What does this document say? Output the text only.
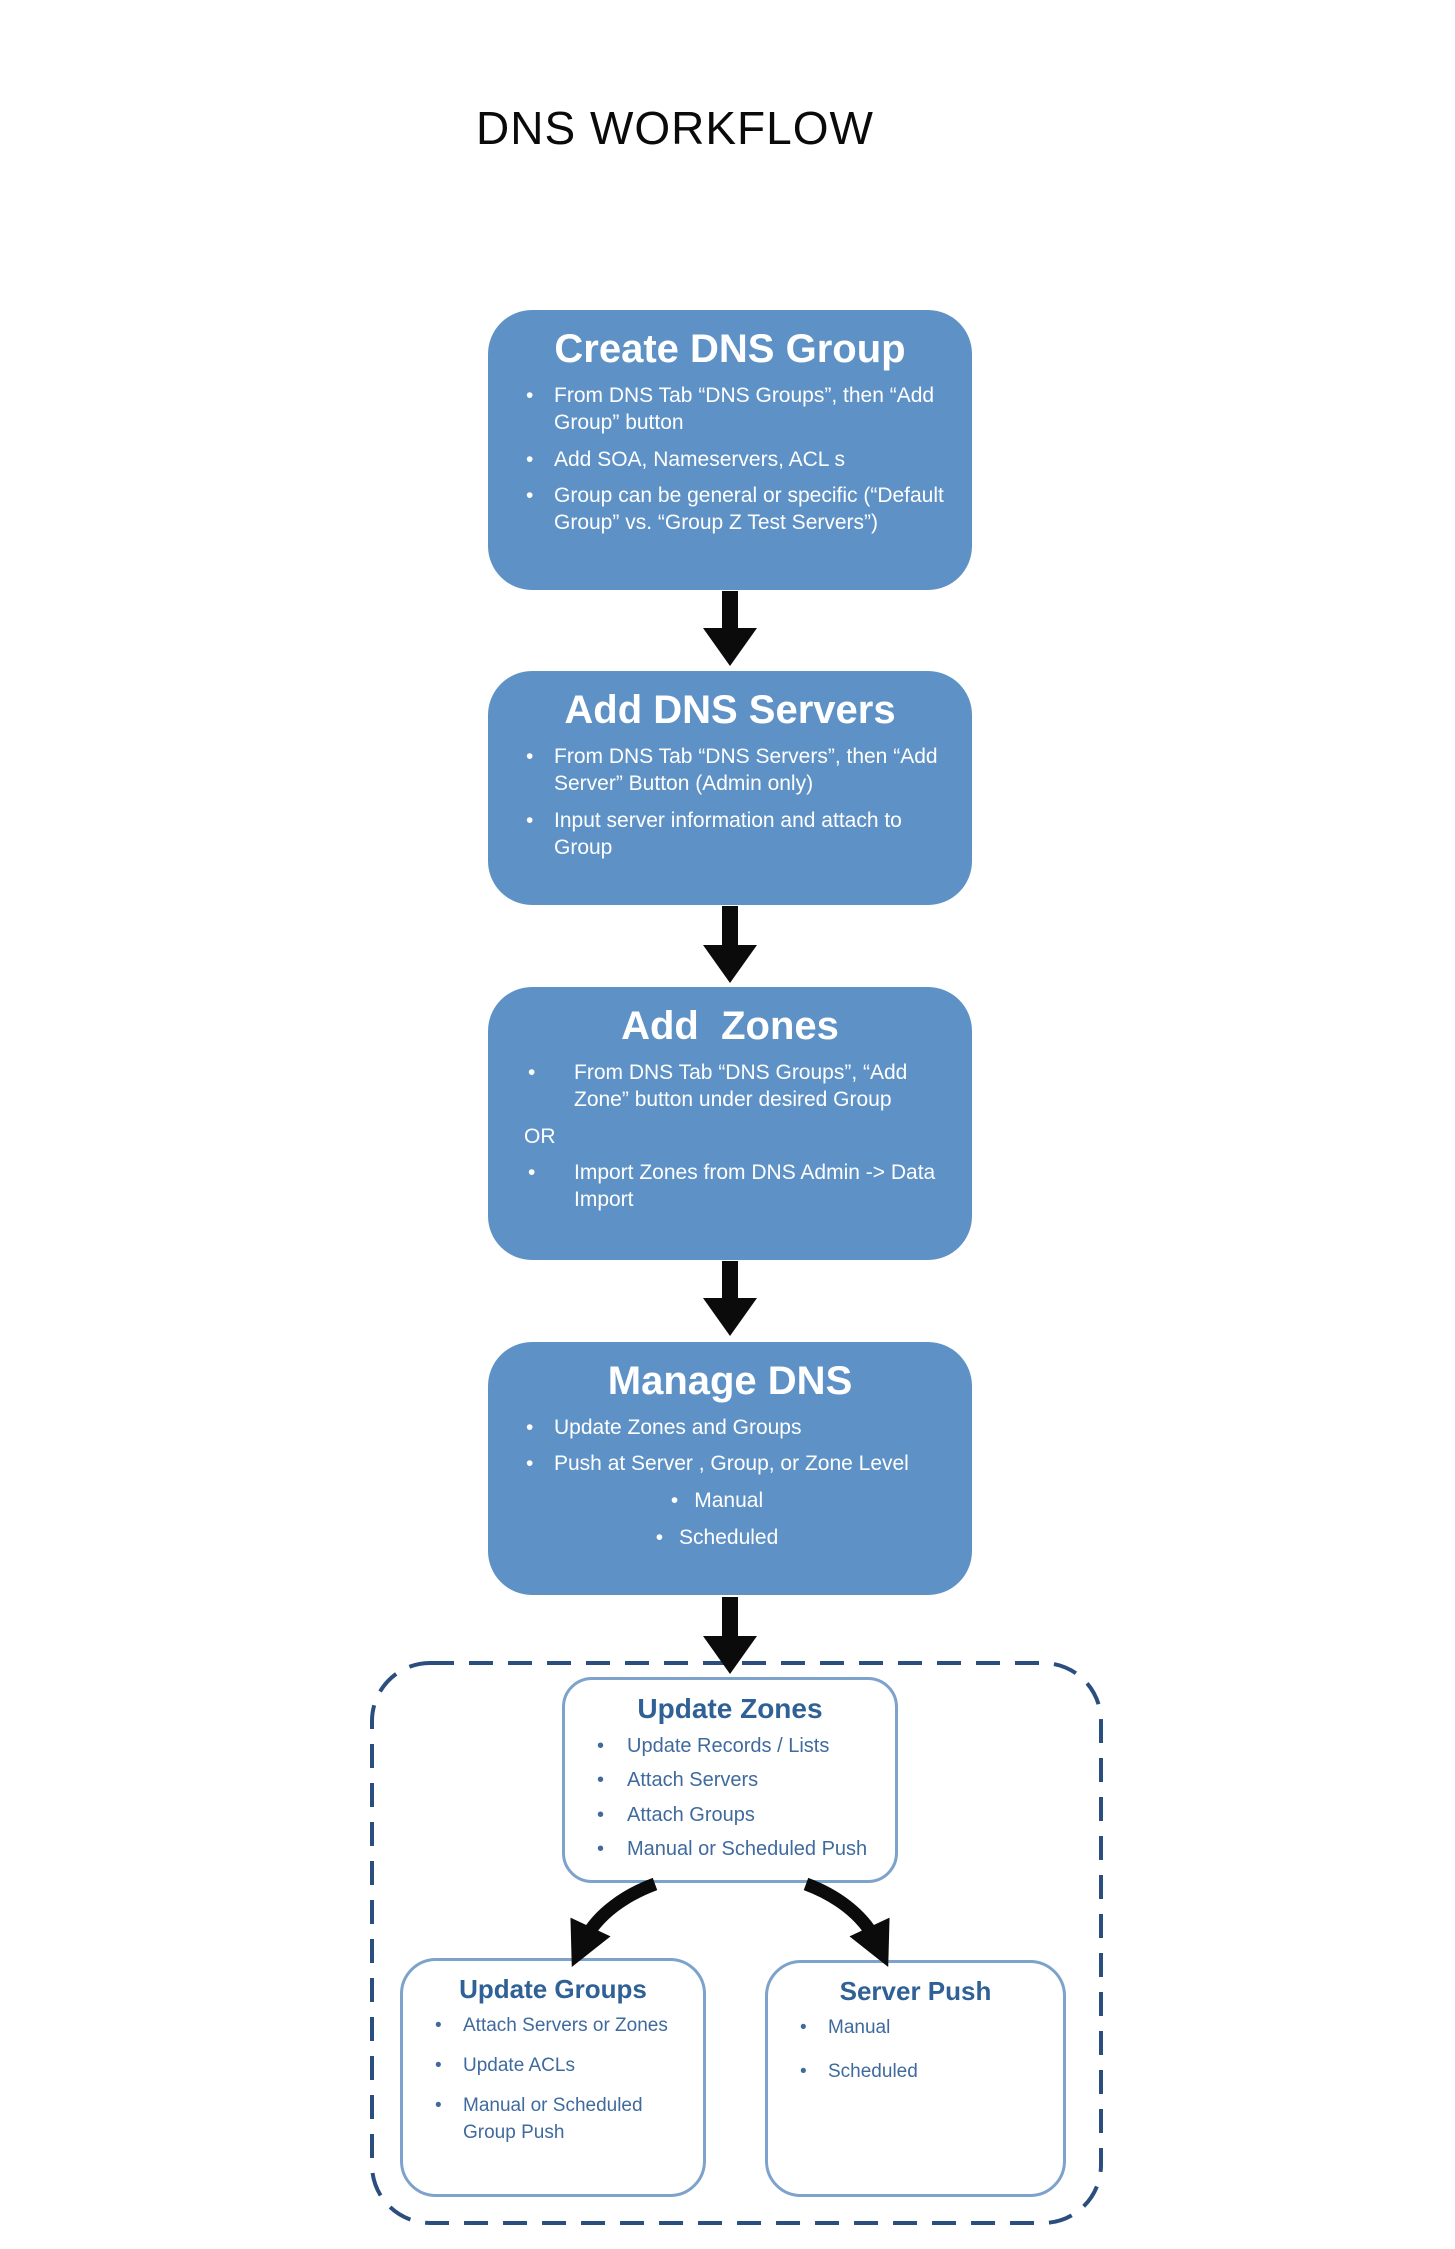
DNS WORKFLOW
Create DNS Group
• From DNS Tab “DNS Groups”, then “Add Group” button
• Add SOA, Nameservers, ACL s
• Group can be general or specific (“Default Group” vs. “Group Z Test Servers”)
Add DNS Servers
• From DNS Tab “DNS Servers”, then “Add Server” Button (Admin only)
• Input server information and attach to Group
Add  Zones
• From DNS Tab “DNS Groups”, “Add Zone” button under desired Group
OR
• Import Zones from DNS Admin -> Data Import
Manage DNS
• Update Zones and Groups
• Push at Server , Group, or Zone Level
• Manual
• Scheduled
Update Zones
• Update Records / Lists
• Attach Servers
• Attach Groups
• Manual or Scheduled Push
Update Groups
• Attach Servers or Zones
• Update ACLs
• Manual or Scheduled Group Push
Server Push
• Manual
• Scheduled
